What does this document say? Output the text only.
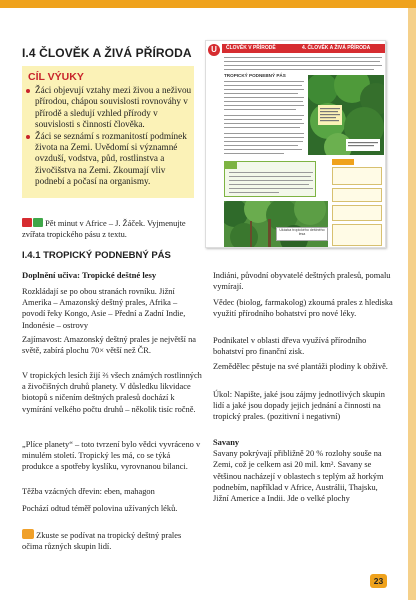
I.4 ČLOVĚK A ŽIVÁ PŘÍRODA
CÍL VÝUKY
Žáci objevují vztahy mezi živou a neživou přírodou, chápou souvislosti rovnováhy v přírodě a sledují vzhled přírody v souvislosti s činností člověka.
Žáci se seznámí s rozmanitostí podmínek života na Zemi. Uvědomí si významné ovzduší, vodstva, půd, rostlinstva a živočišstva na Zemi. Zkoumají vliv podnebí a počasí na organismy.
Pět minut v Africe – J. Žáček. Vyjmenujte zvířata tropického pásu z textu.
I.4.1 TROPICKÝ PODNEBNÝ PÁS
Doplnění učiva: Tropické deštné lesy
Rozkládají se po obou stranách rovníku. Jižní Amerika – Amazonský deštný prales, Afrika – povodí řeky Kongo, Asie – Přední a Zadní Indie, Indonésie – ostrovy
Zajímavost: Amazonský deštný prales je největší na světě, zabírá plochu 70× větší než ČR.
V tropických lesích žijí ⅔ všech známých rostlinných a živočišných druhů planety. V důsledku likvidace biotopů s ničením deštných pralesů dochází k vymírání velkého počtu druhů – několik tisíc ročně.
„Plíce planety“ – toto tvrzení bylo vědci vyvráceno v minulém století. Tropický les má, co se týká produkce a spotřeby kyslíku, vyrovnanou bilanci.
Těžba vzácných dřevin: eben, mahagon
Pochází odtud téměř polovina užívaných léků.
Zkuste se podívat na tropický deštný prales očima různých skupin lidí.
U	ČLOVĚK V PŘÍRODĚ	4. ČLOVĚK A ŽIVÁ PŘÍRODA
TROPICKÝ PODNEBNÝ PÁS
Ukázka tropického deštného lesa
Indiáni, původní obyvatelé deštných pralesů, pomalu vymírají.
Vědec (biolog, farmakolog) zkoumá prales z hlediska využití přírodního bohatství pro nové léky.
Podnikatel v oblasti dřeva využívá přírodního bohatství pro finanční zisk.
Zemědělec pěstuje na své plantáži plodiny k obživě.
Úkol: Napište, jaké jsou zájmy jednotlivých skupin lidí a jaké jsou dopady jejich jednání a činnosti na tropický prales. (pozitivní i negativní)
Savany
Savany pokrývají přibližně 20 % rozlohy souše na Zemi, což je celkem asi 20 mil. km². Savany se většinou nacházejí v oblastech s teplým až horkým podnebím, například v Africe, Austrálii, Thajsku, Jižní Americe a Indii. Jde o velké plochy
23
